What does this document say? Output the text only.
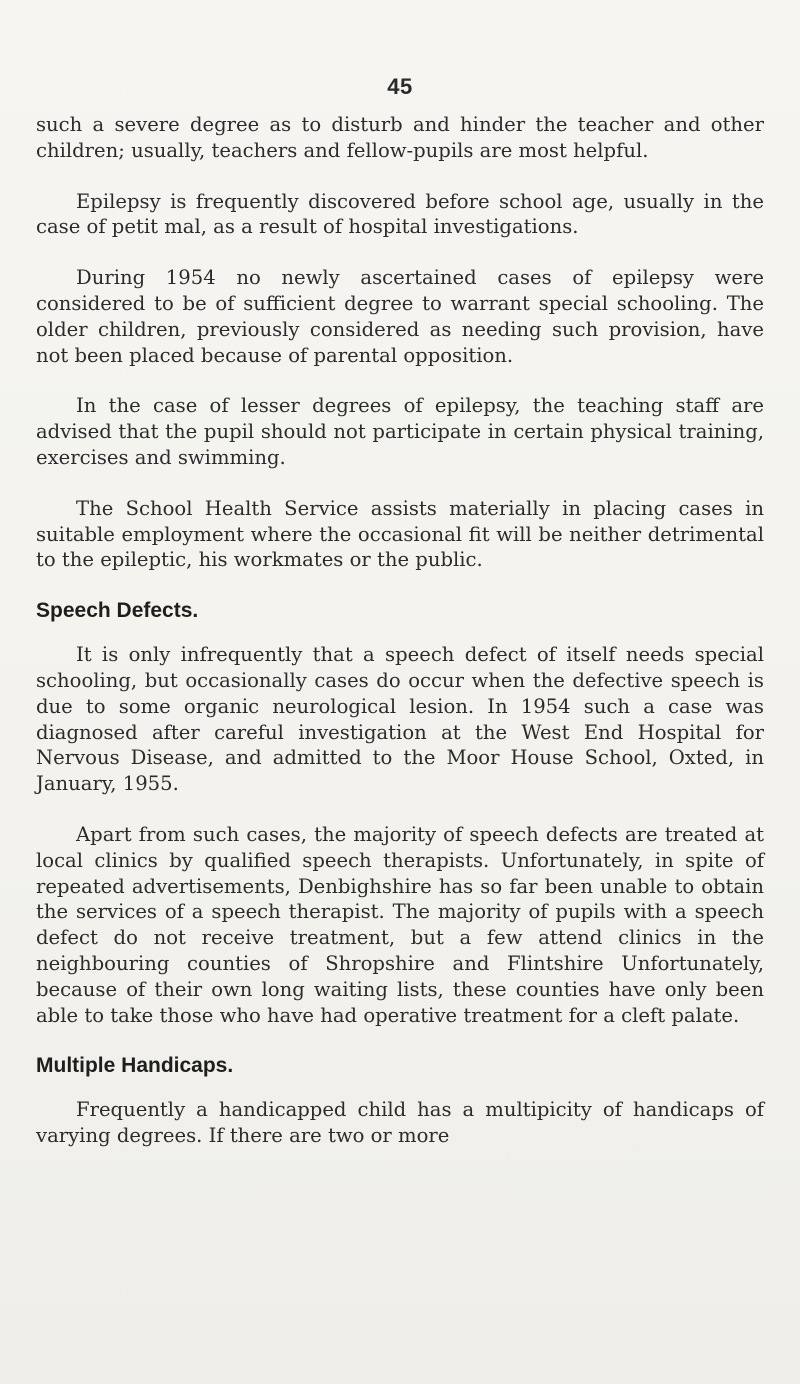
45

such a severe degree as to disturb and hinder the teacher and other children; usually, teachers and fellow-pupils are most helpful.

Epilepsy is frequently discovered before school age, usually in the case of petit mal, as a result of hospital investigations.

During 1954 no newly ascertained cases of epilepsy were considered to be of sufficient degree to warrant special schooling. The older children, previously considered as needing such provision, have not been placed because of parental opposition.

In the case of lesser degrees of epilepsy, the teaching staff are advised that the pupil should not participate in certain physical training, exercises and swimming.

The School Health Service assists materially in placing cases in suitable employment where the occasional fit will be neither detrimental to the epileptic, his workmates or the public.

Speech Defects.

It is only infrequently that a speech defect of itself needs special schooling, but occasionally cases do occur when the defective speech is due to some organic neurological lesion. In 1954 such a case was diagnosed after careful investigation at the West End Hospital for Nervous Disease, and admitted to the Moor House School, Oxted, in January, 1955.

Apart from such cases, the majority of speech defects are treated at local clinics by qualified speech therapists. Unfortunately, in spite of repeated advertisements, Denbighshire has so far been unable to obtain the services of a speech therapist. The majority of pupils with a speech defect do not receive treatment, but a few attend clinics in the neighbouring counties of Shropshire and Flintshire Unfortunately, because of their own long waiting lists, these counties have only been able to take those who have had operative treatment for a cleft palate.

Multiple Handicaps.

Frequently a handicapped child has a multipicity of handicaps of varying degrees. If there are two or more
